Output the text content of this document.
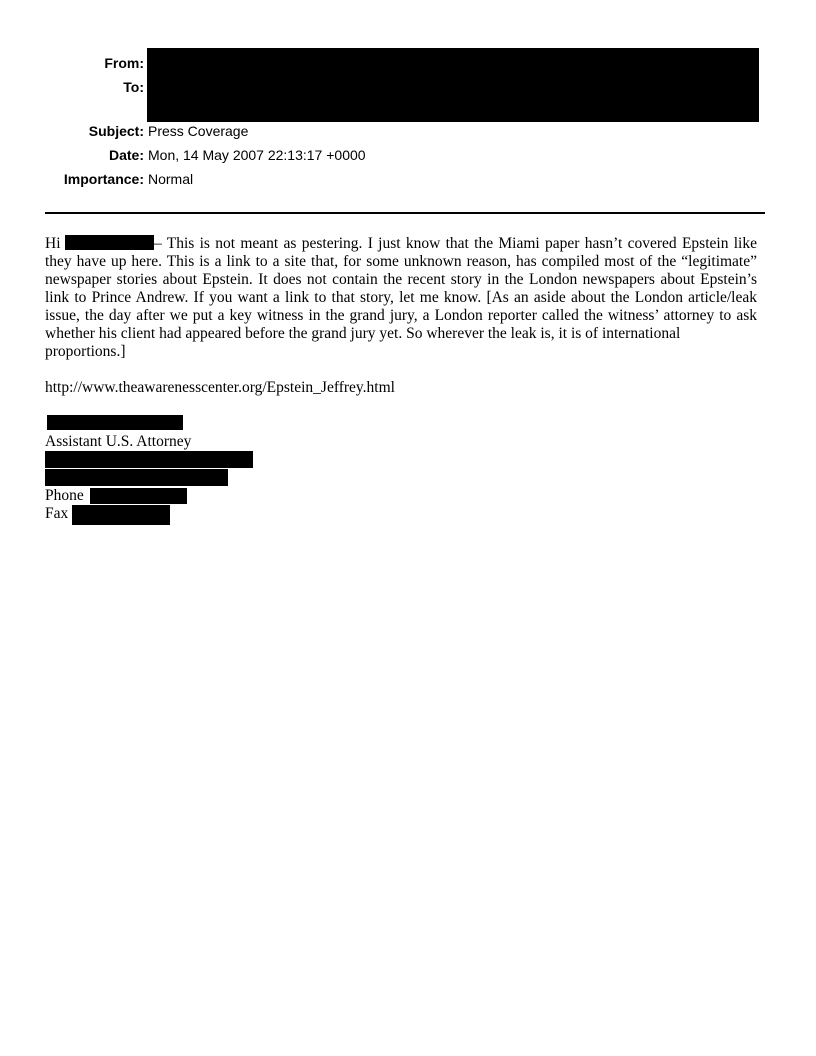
From:
To:
Subject: Press Coverage
Date: Mon, 14 May 2007 22:13:17 +0000
Importance: Normal
Hi	– This is not meant as pestering. I just know that the Miami paper hasn’t covered Epstein like
they have up here. This is a link to a site that, for some unknown reason, has compiled most of the “legitimate”
newspaper stories about Epstein. It does not contain the recent story in the London newspapers about Epstein’s
link to Prince Andrew. If you want a link to that story, let me know. [As an aside about the London article/leak
issue, the day after we put a key witness in the grand jury, a London reporter called the witness’ attorney to ask
whether his client had appeared before the grand jury yet. So wherever the leak is, it is of international
proportions.]
http://www.theawarenesscenter.org/Epstein_Jeffrey.html
Assistant U.S. Attorney
Phone
Fax
